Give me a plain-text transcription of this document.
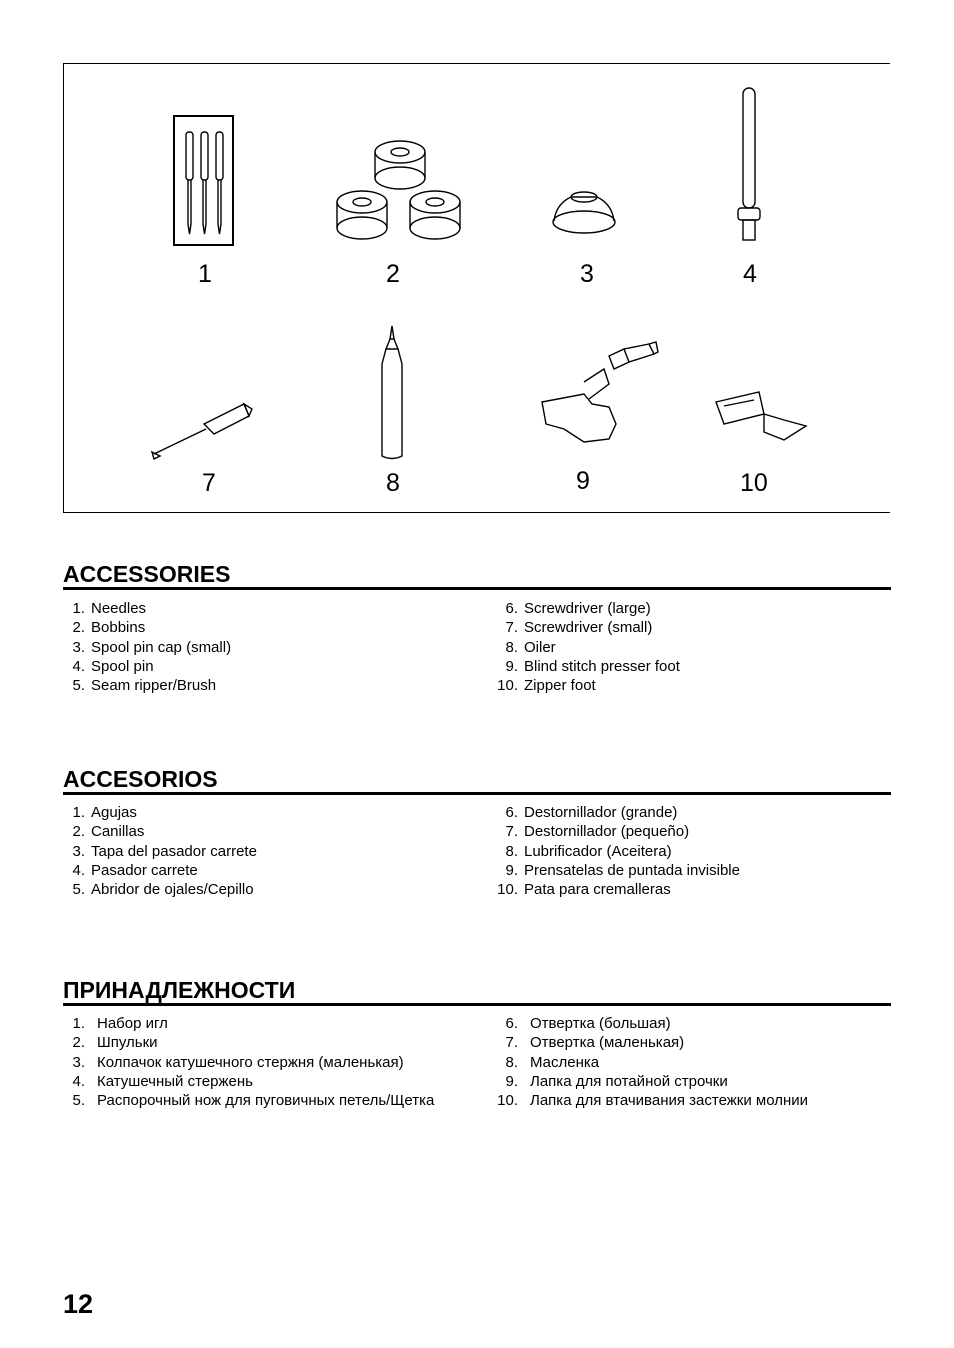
1	2	3	4
7	8	9	10
ACCESSORIES
1. Needles
2. Bobbins
3. Spool pin cap (small)
4. Spool pin
5. Seam ripper/Brush
6. Screwdriver (large)
7. Screwdriver (small)
8. Oiler
9. Blind stitch presser foot
10. Zipper foot
ACCESORIOS
1. Agujas
2. Canillas
3. Tapa del pasador carrete
4. Pasador carrete
5. Abridor de ojales/Cepillo
6. Destornillador (grande)
7. Destornillador (pequeño)
8. Lubrificador (Aceitera)
9. Prensatelas de puntada invisible
10. Pata para cremalleras
ПРИНАДЛЕЖНОСТИ
1. Набор игл
2. Шпульки
3. Колпачок катушечного стержня (маленькая)
4. Катушечный стержень
5. Распорочный нож для пуговичных петель/Щетка
6. Отвертка (большая)
7. Отвертка (маленькая)
8. Масленка
9. Лапка для потайной строчки
10. Лапка для втачивания застежки молнии
12
